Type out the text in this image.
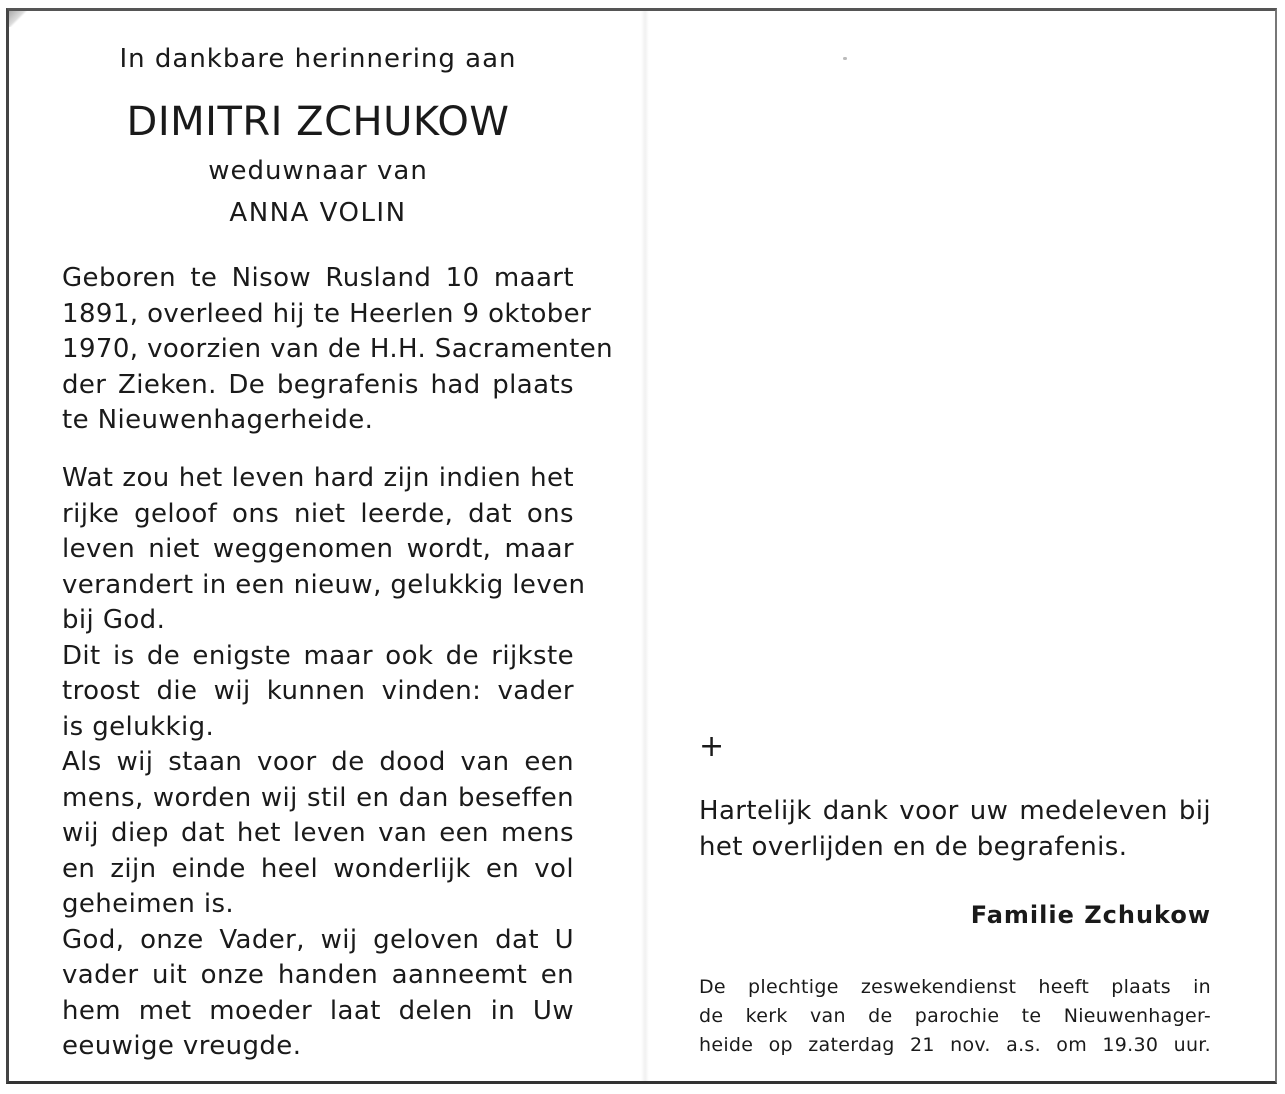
In dankbare herinnering aan
DIMITRI ZCHUKOW
weduwnaar van
ANNA VOLIN
Geboren te Nisow Rusland 10 maart
1891, overleed hij te Heerlen 9 oktober
1970, voorzien van de H.H. Sacramenten
der Zieken. De begrafenis had plaats
te Nieuwenhagerheide.
Wat zou het leven hard zijn indien het
rijke geloof ons niet leerde, dat ons
leven niet weggenomen wordt, maar
verandert in een nieuw, gelukkig leven
bij God.
Dit is de enigste maar ook de rijkste
troost die wij kunnen vinden: vader
is gelukkig.
Als wij staan voor de dood van een
mens, worden wij stil en dan beseffen
wij diep dat het leven van een mens
en zijn einde heel wonderlijk en vol
geheimen is.
God, onze Vader, wij geloven dat U
vader uit onze handen aanneemt en
hem met moeder laat delen in Uw
eeuwige vreugde.
+
Hartelijk dank voor uw medeleven bij
het overlijden en de begrafenis.
Familie Zchukow
De plechtige zeswekendienst heeft plaats in
de kerk van de parochie te Nieuwenhager-
heide op zaterdag 21 nov. a.s. om 19.30 uur.
